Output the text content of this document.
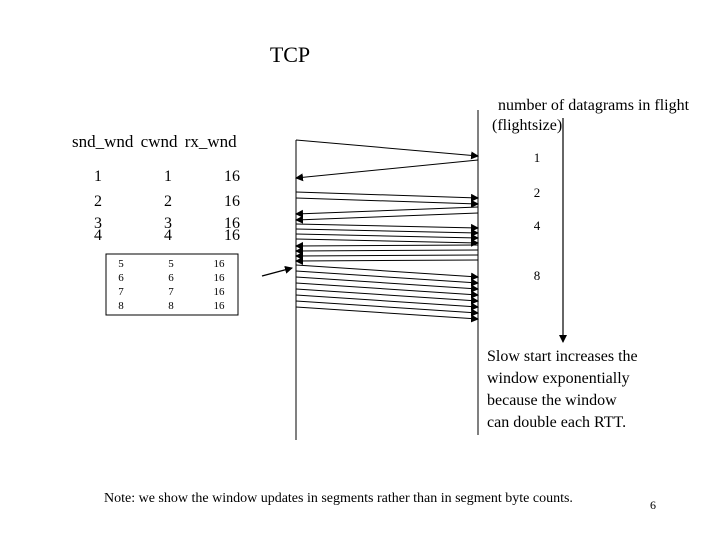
TCP
number of datagrams in flight
(flightsize)
snd_wnd cwnd rx_wnd
1	1	16
2	2	16
3	3	16
4	4	16
5	5	16
6	6	16
7	7	16
8	8	16
1
2
4
8
Slow start increases the
window exponentially
because the window
can double each RTT.
Note: we show the window updates in segments rather than in segment byte counts.	6
